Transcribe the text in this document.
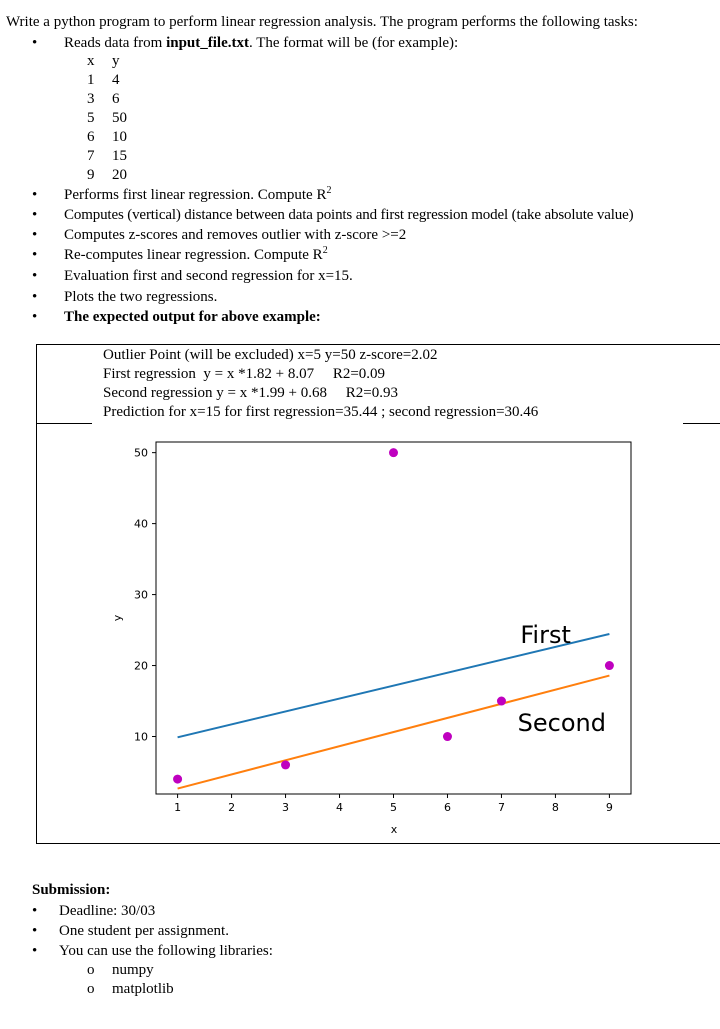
Write a python program to perform linear regression analysis. The program performs the following tasks:
• Reads data from input_file.txt. The format will be (for example):
x y
1 4
3 6
5 50
6 10
7 15
9 20
• Performs first linear regression. Compute $R^2$
• Computes (vertical) distance between data points and first regression model (take absolute value)
• Computes z-scores and removes outlier with z-score >=2
• Re-computes linear regression. Compute $R^2$
• Evaluation first and second regression for x=15.
• Plots the two regressions.
• The expected output for above example:
Outlier Point (will be excluded) x=5 y=50 z-score=2.02
First regression  y = x *1.82 + 8.07     R2=0.09
Second regression y = x *1.99 + 0.68     R2=0.93
Prediction for x=15 for first regression=35.44 ; second regression=30.46
1	2	3	4	5	6	7	8	9
10
20
30
40
50
First
Second
x
y
Submission:
• Deadline: 30/03
• One student per assignment.
• You can use the following libraries:
o numpy
o matplotlib
